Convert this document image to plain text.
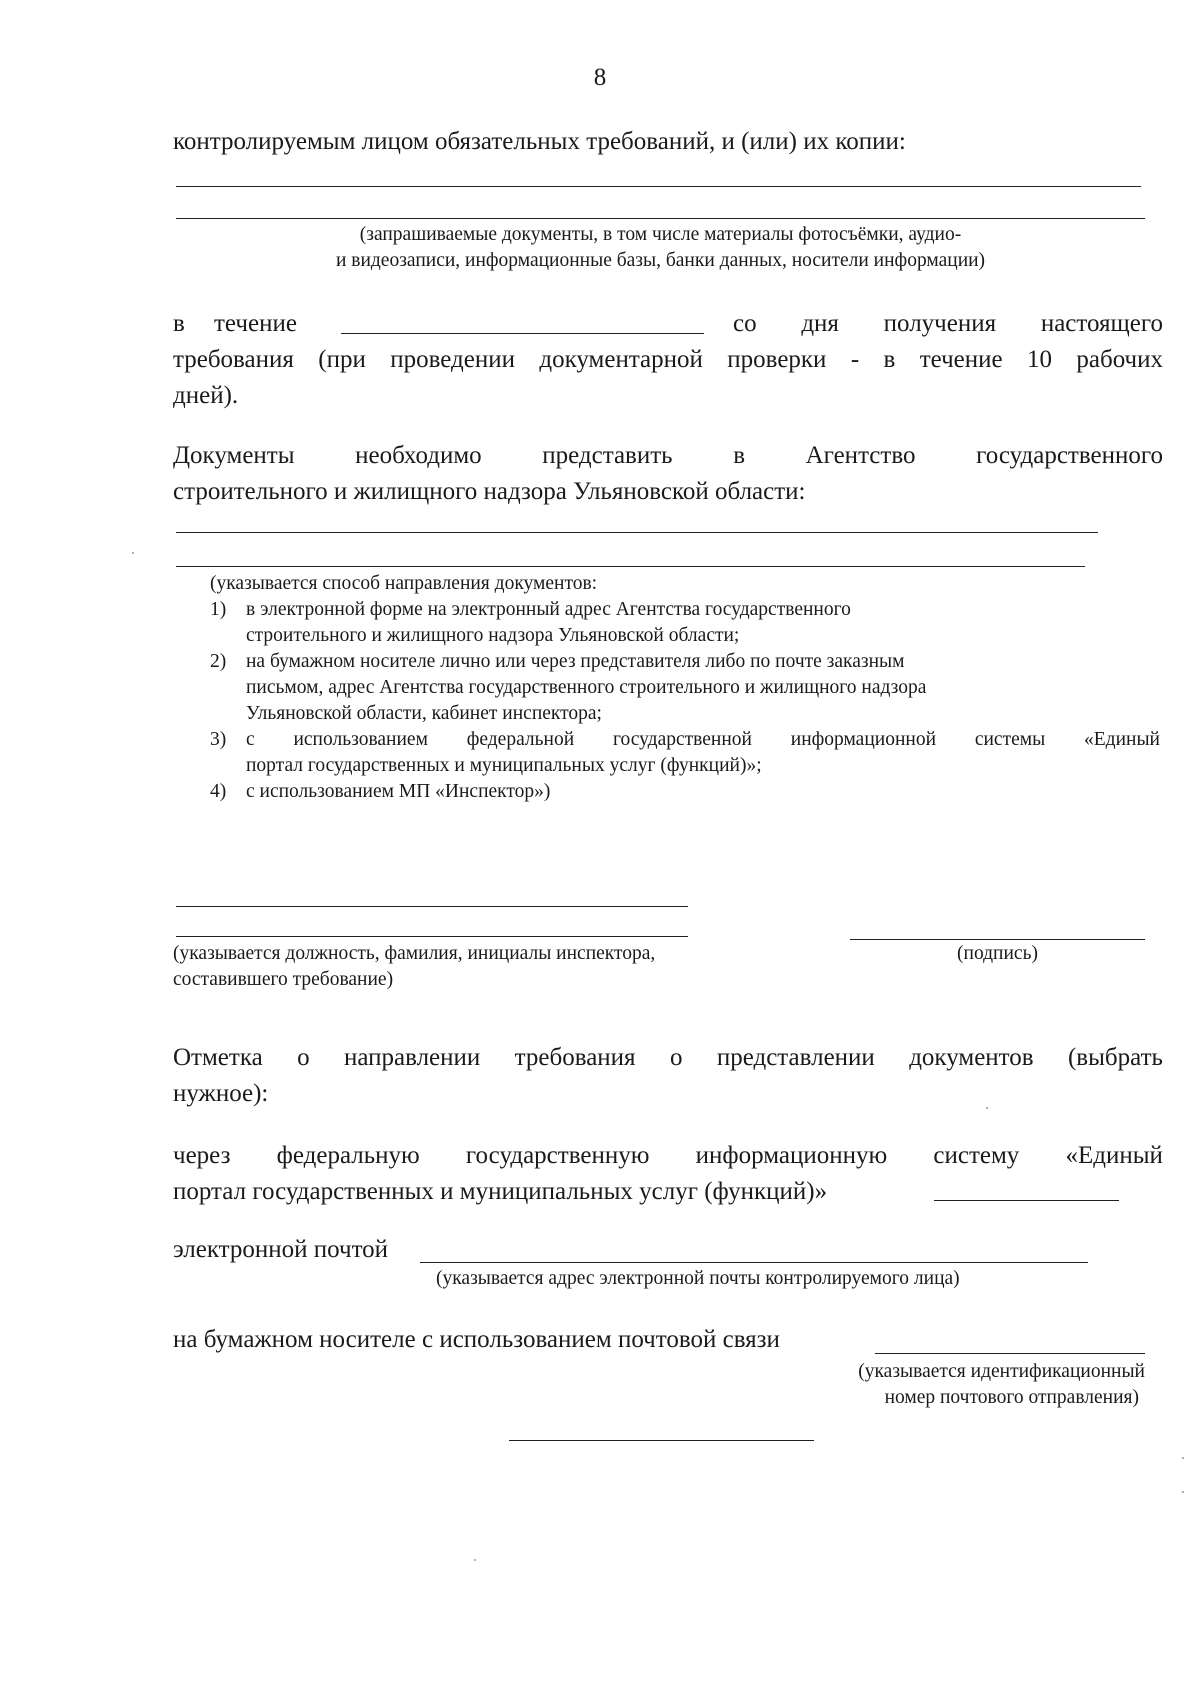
8
контролируемым лицом обязательных требований, и (или) их копии:
(запрашиваемые документы, в том числе материалы фотосъёмки, аудио-
и видеозаписи, информационные базы, банки данных, носители информации)
в течение	со дня получения настоящего
требования (при проведении документарной проверки - в течение 10 рабочих
дней).
Документы необходимо представить в Агентство государственного
строительного и жилищного надзора Ульяновской области:
(указывается способ направления документов:
1) в электронной форме на электронный адрес Агентства государственного
строительного и жилищного надзора Ульяновской области;
2) на бумажном носителе лично или через представителя либо по почте заказным
письмом, адрес Агентства государственного строительного и жилищного надзора
Ульяновской области, кабинет инспектора;
3) с использованием федеральной государственной информационной системы «Единый
портал государственных и муниципальных услуг (функций)»;
4) с использованием МП «Инспектор»)
(указывается должность, фамилия, инициалы инспектора,
составившего требование)
(подпись)
Отметка о направлении требования о представлении документов (выбрать
нужное):
через федеральную государственную информационную систему «Единый
портал государственных и муниципальных услуг (функций)»
электронной почтой
(указывается адрес электронной почты контролируемого лица)
на бумажном носителе с использованием почтовой связи
(указывается идентификационный
номер почтового отправления)
